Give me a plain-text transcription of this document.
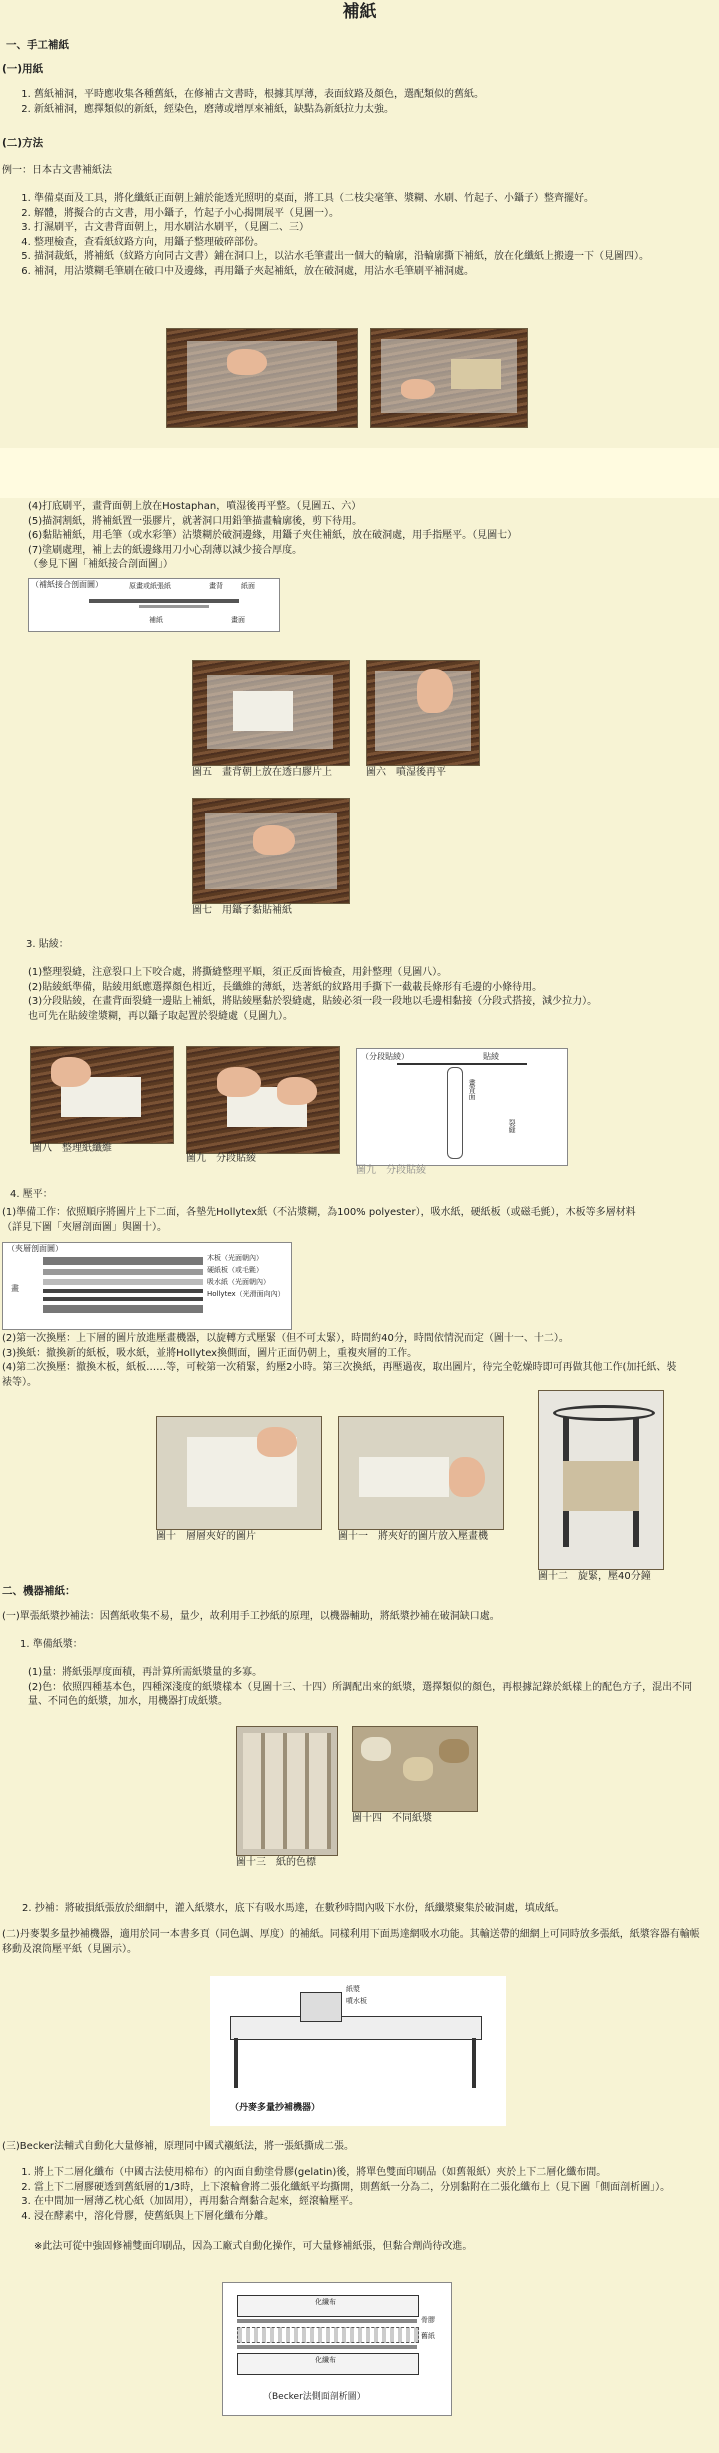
補紙
一、手工補紙
(一)用紙
1. 舊紙補洞，平時應收集各種舊紙，在修補古文書時，根據其厚薄，表面紋路及顏色，選配類似的舊紙。
2. 新紙補洞，應擇類似的新紙，經染色，磨薄或增厚來補紙，缺點為新紙拉力太強。
(二)方法
例一：日本古文書補紙法
1. 準備桌面及工具，將化纖紙正面朝上鋪於能透光照明的桌面，將工具（二枝尖毫筆、漿糊、水刷、竹起子、小鑷子）整齊擺好。
2. 解體，將擬合的古文書，用小鑷子，竹起子小心揭開展平（見圖一）。
3. 打濕刷平，古文書背面朝上，用水刷沾水刷平，（見圖二、三）
4. 整理檢查，查看紙紋路方向，用鑷子整理破碎部份。
5. 描洞裁紙，將補紙（紋路方向同古文書）鋪在洞口上，以沾水毛筆畫出一個大的輪廓，沿輪廓撕下補紙，放在化纖紙上搬邊一下（見圖四）。
6. 補洞，用沾漿糊毛筆刷在破口中及邊緣，再用鑷子夾起補紙，放在破洞處，用沾水毛筆刷平補洞處。
(4)打底刷平，畫背面朝上放在Hostaphan，噴湿後再平整。（見圖五、六）
(5)描洞割紙，將補紙置一張膠片，就著洞口用鉛筆描畫輪廓後，剪下待用。
(6)黏貼補紙，用毛筆（或水彩筆）沾漿糊於破洞邊緣，用鑷子夾住補紙，放在破洞處，用手指壓平。（見圖七）
(7)塗刷處理，補上去的紙邊緣用刀小心刮薄以減少接合厚度。
（參見下圖「補紙接合剖面圖」）
（補紙接合剖面圖）	原畫或紙張紙	畫背	紙面
補紙	畫面
圖五　畫背朝上放在透白膠片上	圖六　噴湿後再平
圖七　用鑷子黏貼補紙
3. 貼綾：
(1)整理裂縫，注意裂口上下咬合處，將撕縫整理平順，須正反面皆檢查，用針整理（見圖八）。
(2)貼綾紙準備，貼綾用紙應選擇顏色相近，長纖維的薄紙，迭著紙的紋路用手撕下一截載長條形有毛邊的小條待用。
(3)分段貼綾，在畫背面裂縫一邊貼上補紙，將貼綾壓黏於裂縫處，貼綾必須一段一段地以毛邊相黏接（分段式搭接，減少拉力）。
也可先在貼綾塗漿糊，再以鑷子取起置於裂縫處（見圖九）。
圖八　整理紙纖維
圖九　分段貼綾
（分段貼綾）	貼綾
畫背面
裂縫
圖九　分段貼綾
4. 壓平：
(1)準備工作：依照順序將圖片上下二面，各墊先Hollytex紙（不沾漿糊，為100% polyester），吸水紙，硬紙板（或磁毛氈），木板等多層材料（詳見下圖「夾層剖面圖」與圖十）。
（夾層剖面圖）
木板（光面朝內）
硬紙板（或毛氈）
吸水紙（光面朝內）
Hollytex（光滑面向內）
畫
(2)第一次換壓：上下層的圖片放進壓畫機器，以旋轉方式壓緊（但不可太緊），時間約40分，時間依情況而定（圖十一、十二）。
(3)換紙：撤換新的紙板，吸水紙，並將Hollytex換側面，圖片正面仍朝上，重複夾層的工作。
(4)第二次換壓：撤換木板，紙板……等，可較第一次稍緊，約壓2小時。第三次換紙，再壓過夜，取出圖片，待完全乾燥時即可再做其他工作(加托紙、裝裱等）。
圖十　層層夾好的圖片	圖十一　將夾好的圖片放入壓畫機
圖十二　旋緊，壓40分鐘
二、機器補紙：
(一)單張紙漿抄補法：因舊紙收集不易，量少，故利用手工抄紙的原理，以機器輔助，將紙漿抄補在破洞缺口處。
1. 準備紙漿：
(1)量：將紙張厚度面積，再計算所需紙漿量的多寡。
(2)色：依照四種基本色，四種深淺度的紙漿樣本（見圖十三、十四）所調配出來的紙漿，選擇類似的顏色，再根據記錄於紙樣上的配色方子，混出不同量、不同色的紙漿，加水，用機器打成紙漿。
圖十三　紙的色標
圖十四　不同紙漿
2. 抄補：將破損紙張放於細網中，灌入紙漿水，底下有吸水馬達，在數秒時間內吸下水份，紙纖漿聚集於破洞處，填成紙。
(二)丹麥製多量抄補機器，適用於同一本書多頁（同色調、厚度）的補紙。同樣利用下面馬達網吸水功能。其輸送帶的細網上可同時放多張紙，紙漿容器有輸帳移動及滾筒壓平紙（見圖示）。
紙漿
噴水板
（丹麥多量抄補機器）
(三)Becker法輔式自動化大量修補，原理同中國式襯紙法，將一張紙撕成二張。
1. 將上下二層化纖布（中國古法使用棉布）的內面自動塗骨膠(gelatin)後，將單色雙面印刷品（如舊報紙）夾於上下二層化纖布間。
2. 當上下二層膠硬透到舊紙層的1/3時，上下滾輪會將二張化纖紙平均撕開，則舊紙一分為二，分別黏附在二張化纖布上（見下圖「側面剖析圖」）。
3. 在中間加一層薄乙枕心紙（加固用），再用黏合劑黏合起來，經滾輪壓平。
4. 浸在酵素中，溶化骨膠，使舊紙與上下層化纖布分離。
※此法可從中強固修補雙面印刷品，因為工廠式自動化操作，可大量修補紙張，但黏合劑尚待改進。
化纖布
化纖布
骨膠
舊紙
（Becker法側面剖析圖）
